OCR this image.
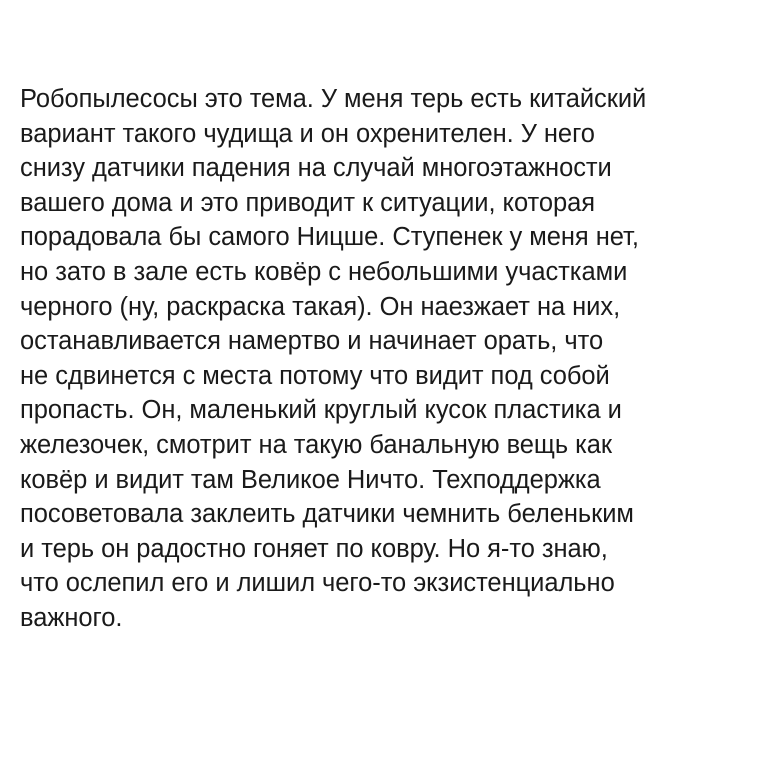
Робопылесосы это тема. У меня терь есть китайский
вариант такого чудища и он охренителен. У него
снизу датчики падения на случай многоэтажности
вашего дома и это приводит к ситуации, которая
порадовала бы самого Ницше. Ступенек у меня нет,
но зато в зале есть ковёр с небольшими участками
черного (ну, раскраска такая). Он наезжает на них,
останавливается намертво и начинает орать, что
не сдвинется с места потому что видит под собой
пропасть. Он, маленький круглый кусок пластика и
железочек, смотрит на такую банальную вещь как
ковёр и видит там Великое Ничто. Техподдержка
посоветовала заклеить датчики чемнить беленьким
и терь он радостно гоняет по ковру. Но я-то знаю,
что ослепил его и лишил чего-то экзистенциально
важного.
